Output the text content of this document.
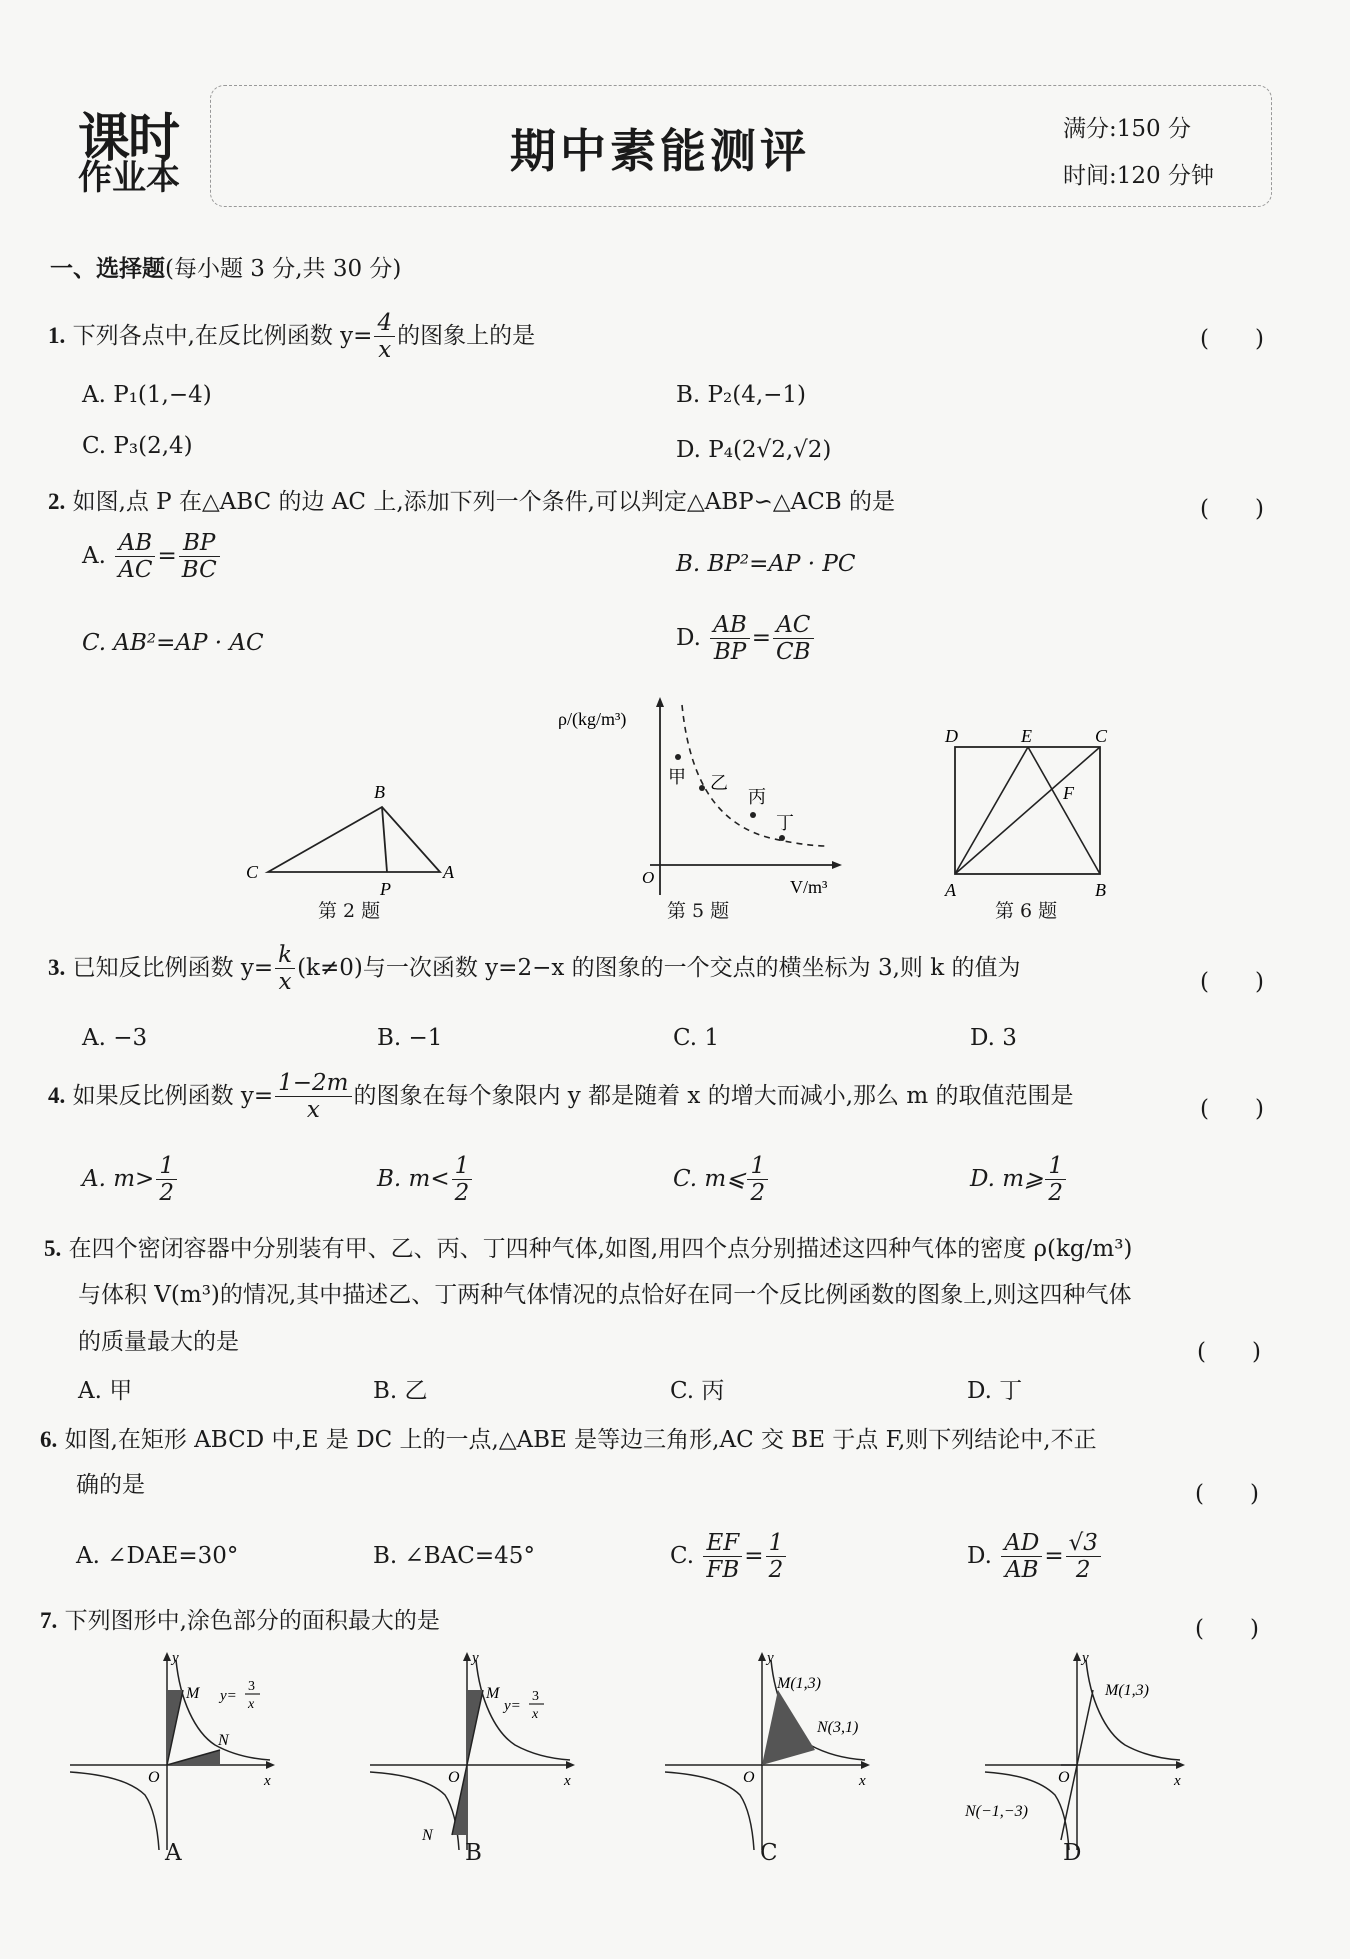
课时
作业本	期中素能测评	满分:150 分
时间:120 分钟
一、选择题(每小题 3 分,共 30 分)
1. 下列各点中,在反比例函数 $y= \frac{4}{x}$ 的图象上的是	(　　)
A. P₁(1,−4)	B. P₂(4,−1)
C. P₃(2,4)	D. P₄(2√2,√2)
2. 如图,点 P 在△ABC 的边 AC 上,添加下列一个条件,可以判定△ABP∽△ACB 的是	(　　)
A. $\frac{AB}{AC} = \frac{BP}{BC}$	B. BP²=AP · PC
C. AB²=AP · AC	D. $\frac{AB}{BP} = \frac{AC}{CB}$
B
C	A
P
第 2 题
ρ/(kg/m³)
V/m³
O
甲 乙
丙
丁
第 5 题
D	E	C
F
A	B
第 6 题
3. 已知反比例函数 $y= \frac{k}{x} (k\ne 0)$与一次函数 y=2−x 的图象的一个交点的横坐标为 3,则 k 的值为
(　　)
A. −3	B. −1	C. 1	D. 3
4. 如果反比例函数 $y= \frac{1-2m}{x}$ 的图象在每个象限内 y 都是随着 x 的增大而减小,那么 m 的取值范围是
(　　)
A. $m> \frac{1}{2}$	B. $m< \frac{1}{2}$	C. m⩽ $\frac{1}{2}$	D. m⩾ $\frac{1}{2}$
5. 在四个密闭容器中分别装有甲、乙、丙、丁四种气体,如图,用四个点分别描述这四种气体的密度 ρ(kg/m³)
与体积 V(m³)的情况,其中描述乙、丁两种气体情况的点恰好在同一个反比例函数的图象上,则这四种气体
的质量最大的是	(　　)
A. 甲	B. 乙	C. 丙	D. 丁
6. 如图,在矩形 ABCD 中,E 是 DC 上的一点,△ABE 是等边三角形,AC 交 BE 于点 F,则下列结论中,不正
确的是	(　　)
A. ∠DAE=30°	B. ∠BAC=45°	C. $\frac{EF}{FB} = \frac{1}{2}$	D. $\frac{AD}{AB} = \frac{√3}{2}$
7. 下列图形中,涂色部分的面积最大的是	(　　)
y
x
O
M
N
y=
3
x
A
y
x
O
M
N
y=
3
x
B
y
x
O
M(1,3)
N(3,1)
C
y
x
O
M(1,3)
N(−1,−3)
D
